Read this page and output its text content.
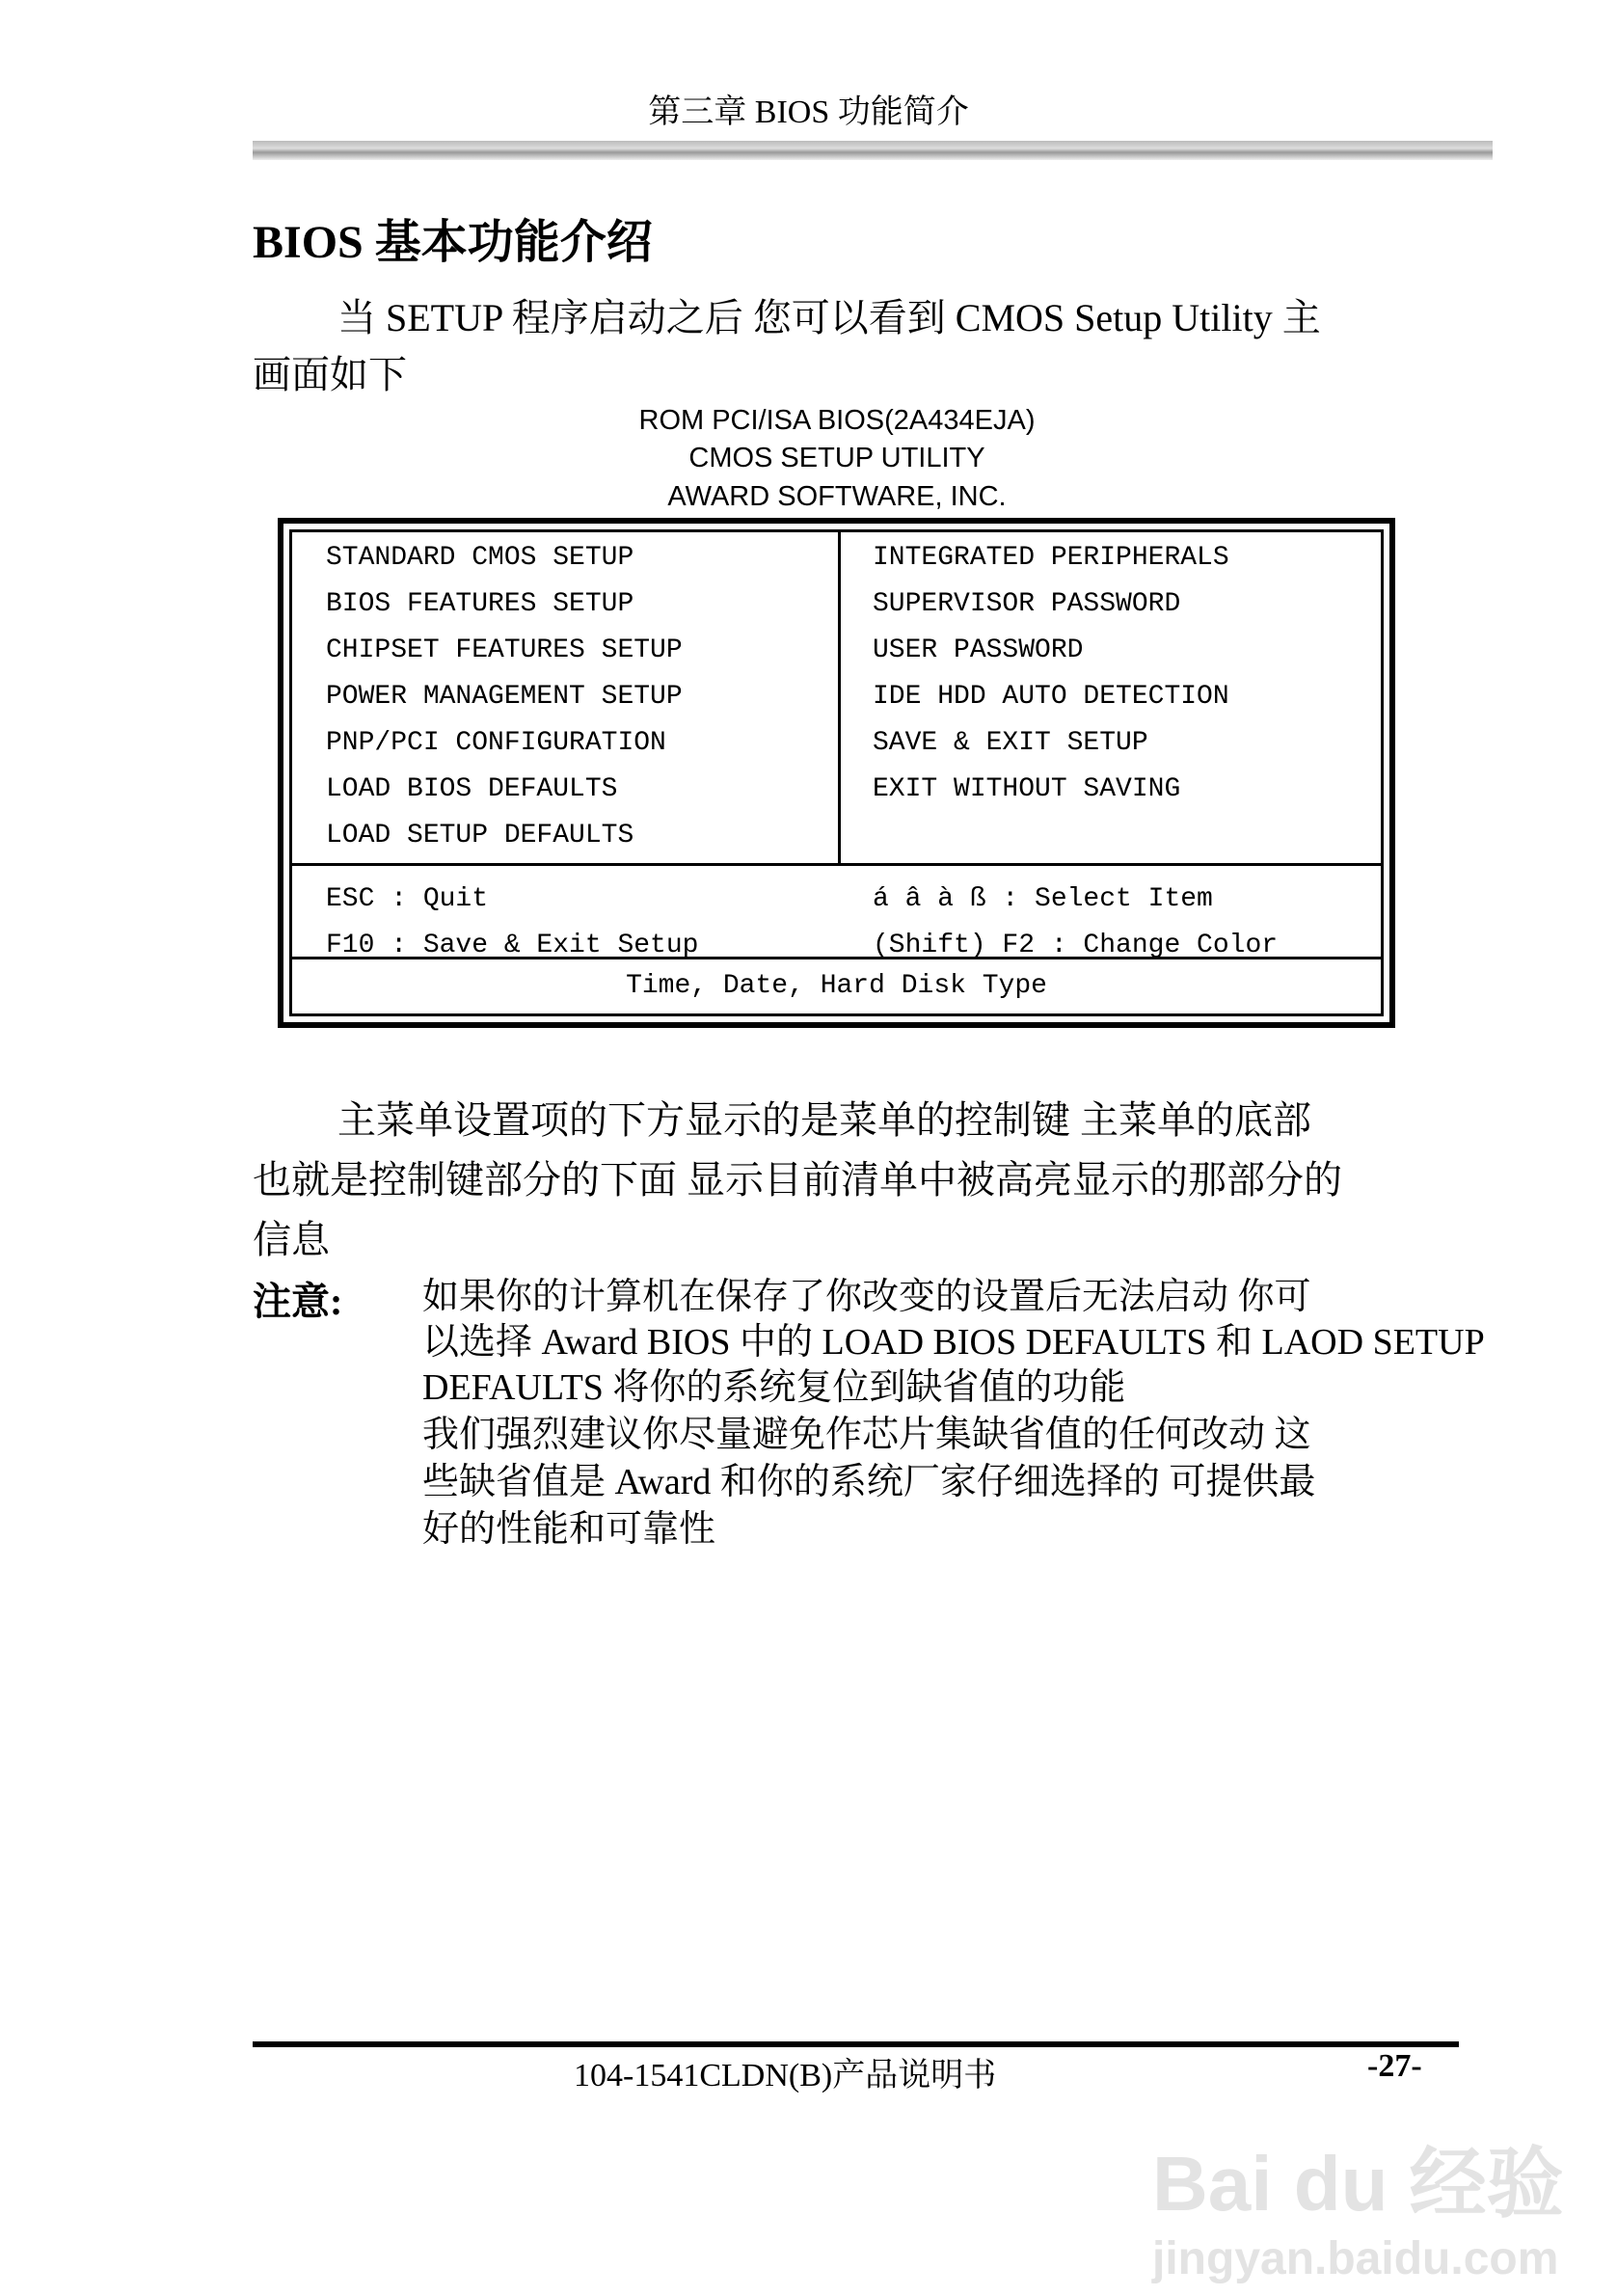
第三章 BIOS 功能简介
BIOS 基本功能介绍
当 SETUP 程序启动之后 您可以看到 CMOS Setup Utility 主
画面如下
ROM PCI/ISA BIOS(2A434EJA)
CMOS SETUP UTILITY
AWARD SOFTWARE, INC.
STANDARD CMOS SETUP
BIOS FEATURES SETUP
CHIPSET FEATURES SETUP
POWER MANAGEMENT SETUP
PNP/PCI CONFIGURATION
LOAD BIOS DEFAULTS
LOAD SETUP DEFAULTS
INTEGRATED PERIPHERALS
SUPERVISOR PASSWORD
USER PASSWORD
IDE HDD AUTO DETECTION
SAVE & EXIT SETUP
EXIT WITHOUT SAVING
ESC : Quit
F10 : Save & Exit Setup
á â à ß : Select Item
(Shift) F2 : Change Color
Time, Date, Hard Disk Type
主菜单设置项的下方显示的是菜单的控制键 主菜单的底部
也就是控制键部分的下面 显示目前清单中被高亮显示的那部分的
信息
注意: 如果你的计算机在保存了你改变的设置后无法启动 你可
以选择 Award BIOS 中的 LOAD BIOS DEFAULTS 和 LAOD SETUP
DEFAULTS 将你的系统复位到缺省值的功能
我们强烈建议你尽量避免作芯片集缺省值的任何改动 这
些缺省值是 Award 和你的系统厂家仔细选择的 可提供最
好的性能和可靠性
104-1541CLDN(B)产品说明书	-27-
Bai du 经验
jingyan.baidu.com
